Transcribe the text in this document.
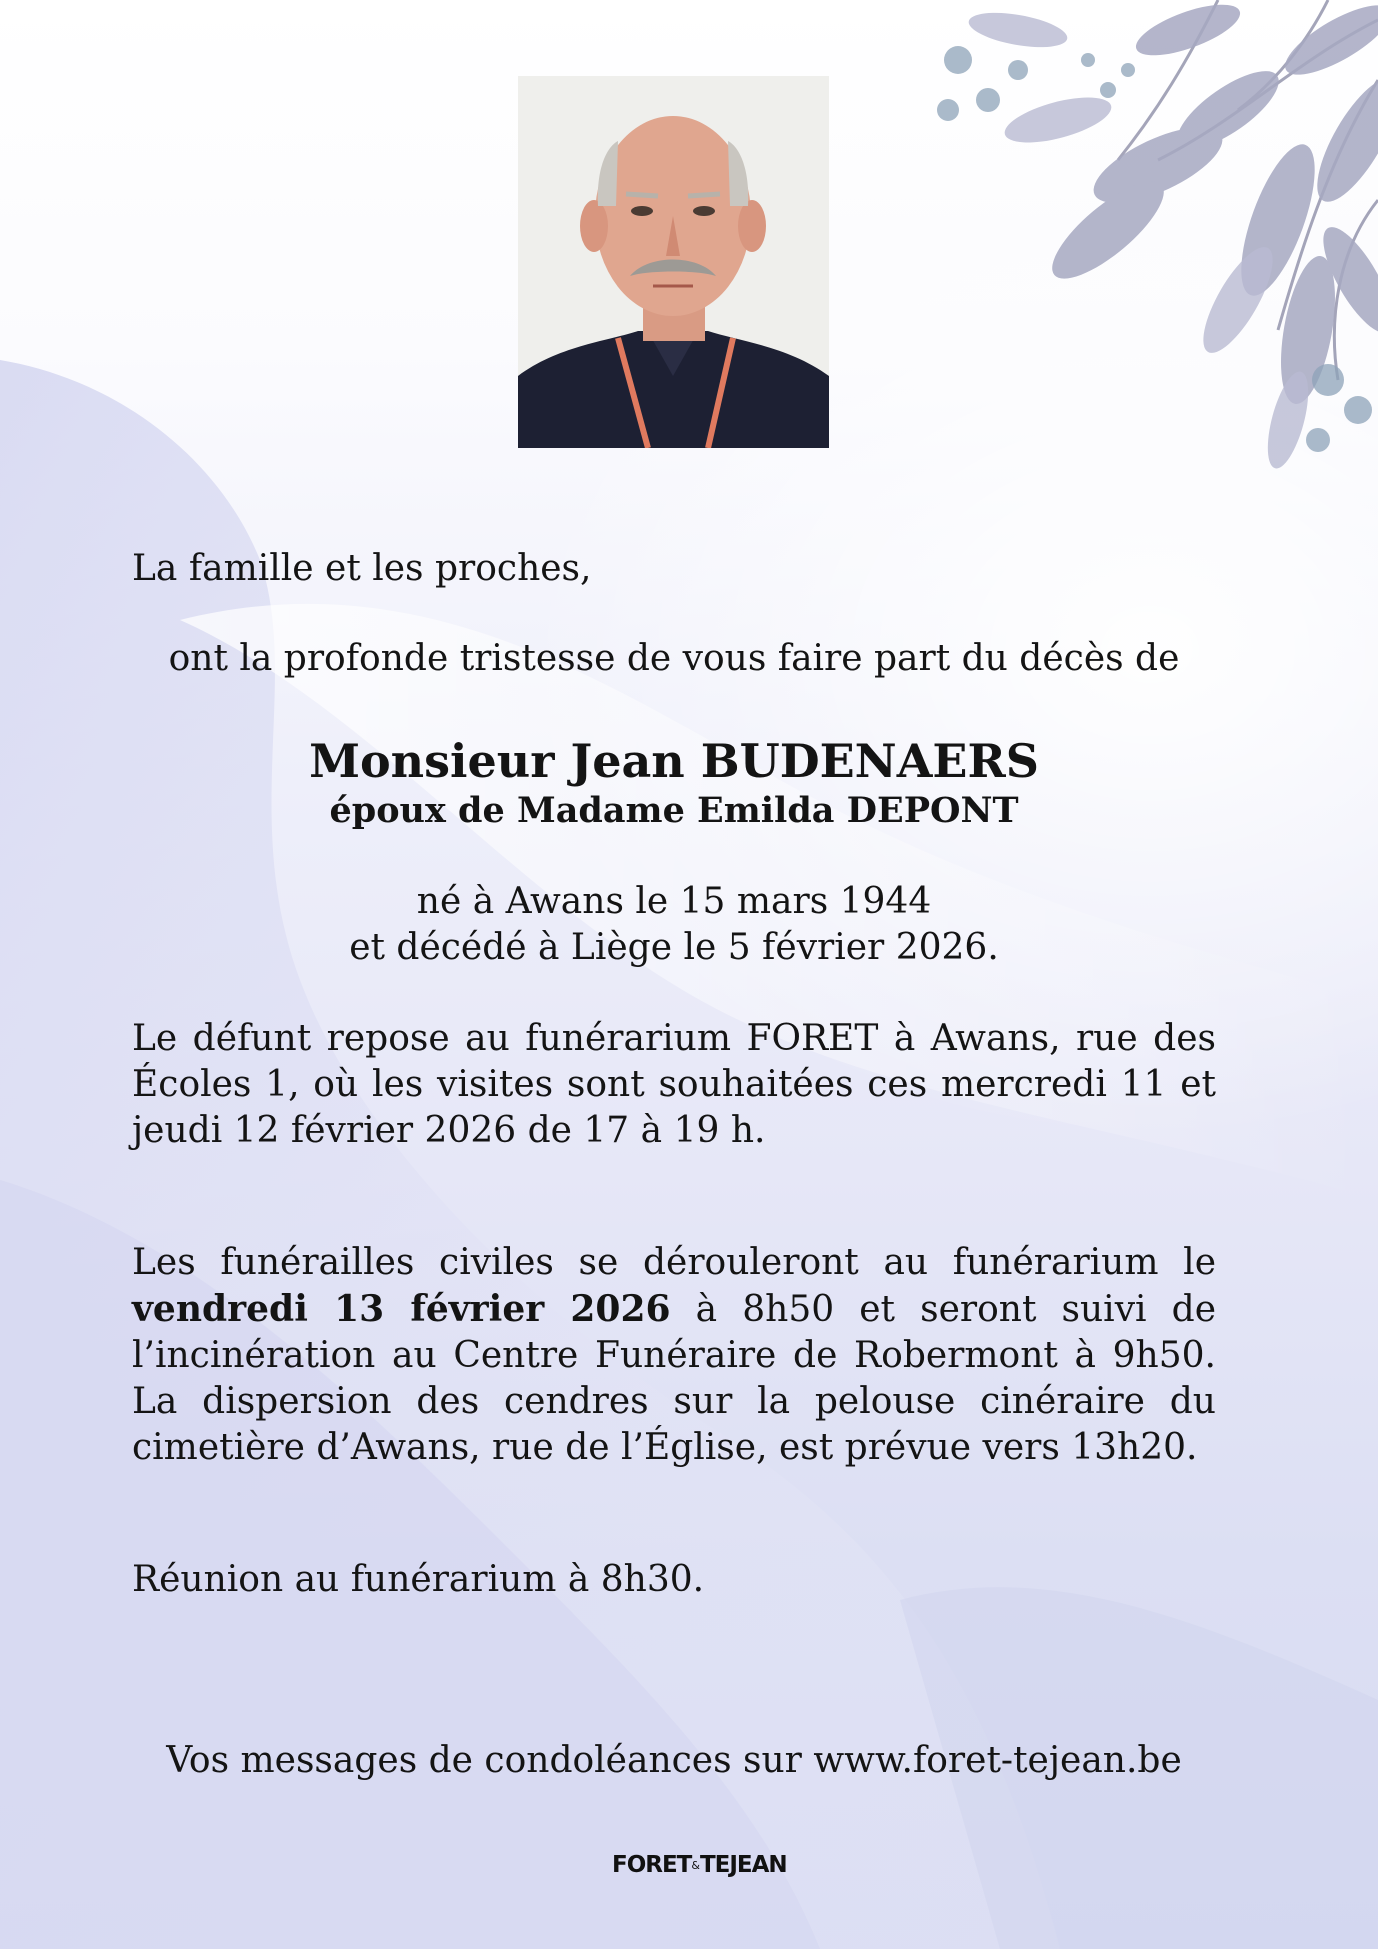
La famille et les proches,
ont la profonde tristesse de vous faire part du décès de
Monsieur Jean BUDENAERS
époux de Madame Emilda DEPONT
né à Awans le 15 mars 1944
et décédé à Liège le 5 février 2026.
Le défunt repose au funérarium FORET à Awans, rue des Écoles 1, où les visites sont souhaitées ces mercredi 11 et jeudi 12 février 2026 de 17 à 19 h.
Les funérailles civiles se dérouleront au funérarium le vendredi 13 février 2026 à 8h50 et seront suivi de l’incinération au Centre Funéraire de Robermont à 9h50. La dispersion des cendres sur la pelouse cinéraire du cimetière d’Awans, rue de l’Église, est prévue vers 13h20.
Réunion au funérarium à 8h30.
Vos messages de condoléances sur www.foret-tejean.be
FORET&TEJEAN
